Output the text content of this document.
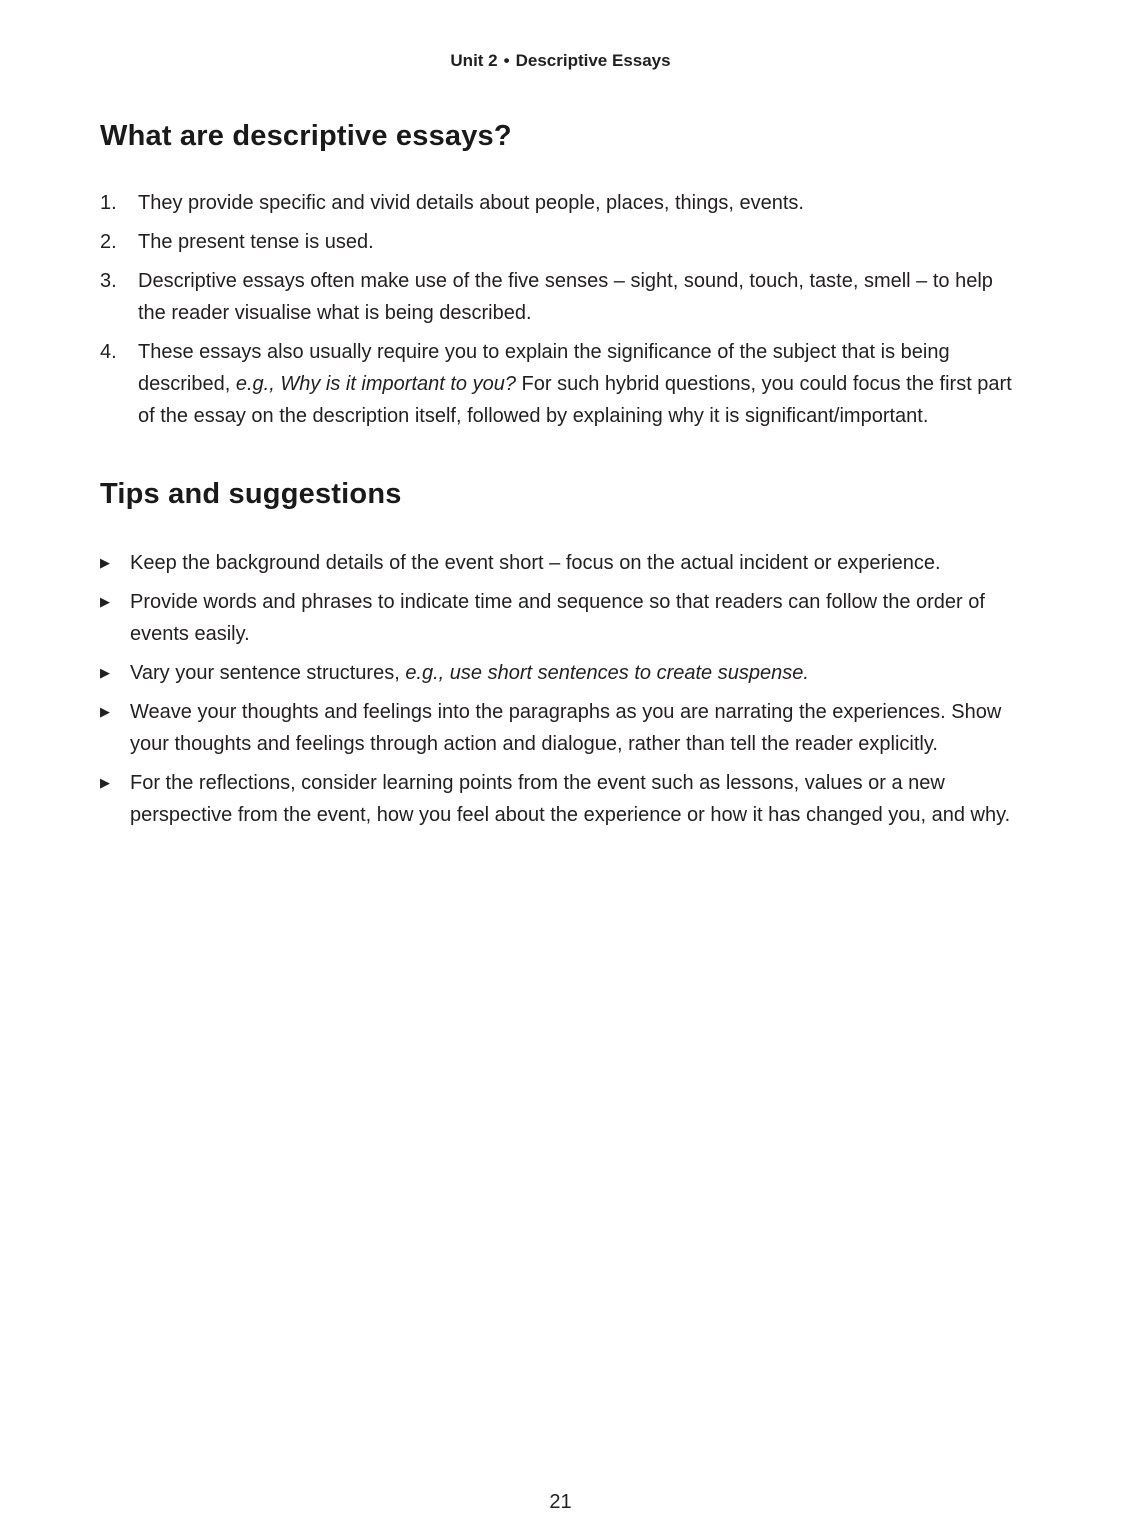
Unit 2 • Descriptive Essays
What are descriptive essays?
1.	They provide specific and vivid details about people, places, things, events.
2.	The present tense is used.
3.	Descriptive essays often make use of the five senses – sight, sound, touch, taste, smell – to help the reader visualise what is being described.
4.	These essays also usually require you to explain the significance of the subject that is being described, e.g., Why is it important to you? For such hybrid questions, you could focus the first part of the essay on the description itself, followed by explaining why it is significant/important.
Tips and suggestions
▶	Keep the background details of the event short – focus on the actual incident or experience.
▶	Provide words and phrases to indicate time and sequence so that readers can follow the order of events easily.
▶	Vary your sentence structures, e.g., use short sentences to create suspense.
▶	Weave your thoughts and feelings into the paragraphs as you are narrating the experiences. Show your thoughts and feelings through action and dialogue, rather than tell the reader explicitly.
▶	For the reflections, consider learning points from the event such as lessons, values or a new perspective from the event, how you feel about the experience or how it has changed you, and why.
21
